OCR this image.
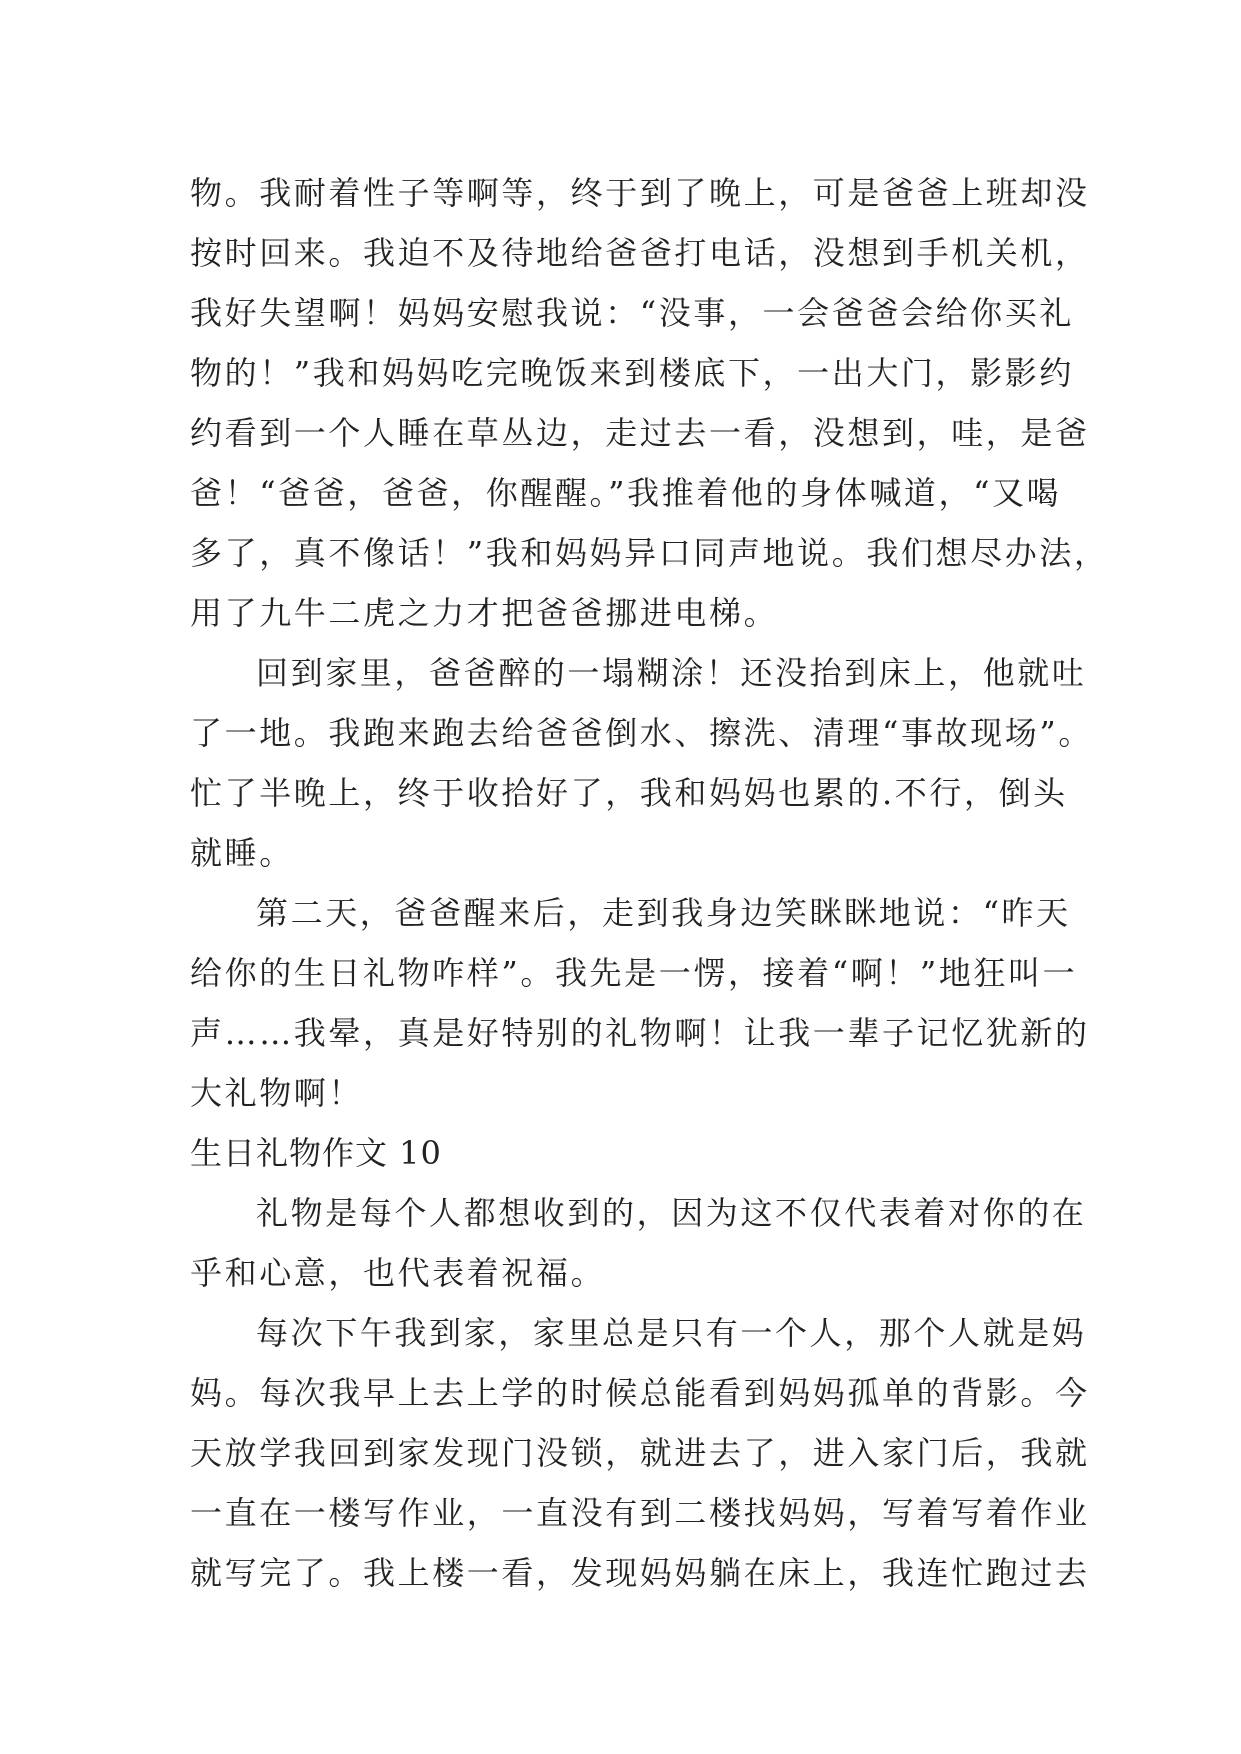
物。我耐着性子等啊等，终于到了晚上，可是爸爸上班却没
按时回来。我迫不及待地给爸爸打电话，没想到手机关机，
我好失望啊！妈妈安慰我说：“没事，一会爸爸会给你买礼
物的！”我和妈妈吃完晚饭来到楼底下，一出大门，影影约
约看到一个人睡在草丛边，走过去一看，没想到，哇，是爸
爸！“爸爸，爸爸，你醒醒。”我推着他的身体喊道，“又喝
多了，真不像话！”我和妈妈异口同声地说。我们想尽办法，
用了九牛二虎之力才把爸爸挪进电梯。
回到家里，爸爸醉的一塌糊涂！还没抬到床上，他就吐
了一地。我跑来跑去给爸爸倒水、擦洗、清理“事故现场”。
忙了半晚上，终于收拾好了，我和妈妈也累的.不行，倒头
就睡。
第二天，爸爸醒来后，走到我身边笑眯眯地说：“昨天
给你的生日礼物咋样”。我先是一愣，接着“啊！”地狂叫一
声……我晕，真是好特别的礼物啊！让我一辈子记忆犹新的
大礼物啊！
生日礼物作文 10
礼物是每个人都想收到的，因为这不仅代表着对你的在
乎和心意，也代表着祝福。
每次下午我到家，家里总是只有一个人，那个人就是妈
妈。每次我早上去上学的时候总能看到妈妈孤单的背影。今
天放学我回到家发现门没锁，就进去了，进入家门后，我就
一直在一楼写作业，一直没有到二楼找妈妈，写着写着作业
就写完了。我上楼一看，发现妈妈躺在床上，我连忙跑过去
